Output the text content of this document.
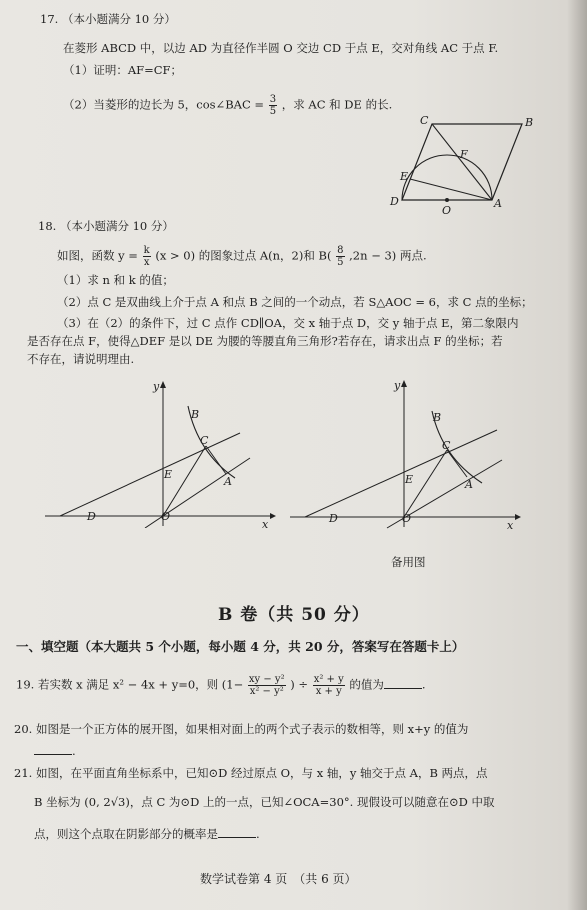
17. （本小题满分 10 分）
在菱形 ABCD 中，以边 AD 为直径作半圆 O 交边 CD 于点 E，交对角线 AC 于点 F.
（1）证明：AF=CF；
（2）当菱形的边长为 5，cos∠BAC = $\frac{3}{5}$ ，求 AC 和 DE 的长.
C	B
F
E
D
O
A
18. （本小题满分 10 分）
如图，函数 $y = \frac{k}{x} (x > 0)$ 的图象过点 A(n，2)和 $B( \frac{8}{5} ,2n - 3)$ 两点.
（1）求 n 和 k 的值；
（2）点 C 是双曲线上介于点 A 和点 B 之间的一个动点，若 S△AOC = 6，求 C 点的坐标；
（3）在（2）的条件下，过 C 点作 CD∥OA，交 x 轴于点 D，交 y 轴于点 E，第二象限内
是否存在点 F，使得△DEF 是以 DE 为腰的等腰直角三角形?若存在，请求出点 F 的坐标；若
不存在，请说明理由.
B
C
E
A
D	O
y
x
B
C
E	A
D	O
y
x
备用图
B 卷（共 50 分）
一、填空题（本大题共 5 个小题，每小题 4 分，共 20 分，答案写在答题卡上）
19. 若实数 x 满足 x² − 4x + y=0，则 ($1- \frac{\text{xy − y²}}{\text{x² − y²}}$ ) ÷ $\frac{\text{x² + y}}{x + y}$ 的值为	.
20. 如图是一个正方体的展开图，如果相对面上的两个式子表示的数相等，则 x+y 的值为
.
21. 如图，在平面直角坐标系中，已知⊙D 经过原点 O，与 x 轴，y 轴交于点 A，B 两点，点
B 坐标为 (0, 2√3)，点 C 为⊙D 上的一点，已知∠OCA=30°. 现假设可以随意在⊙D 中取
点，则这个点取在阴影部分的概率是	.
数学试卷第 4 页　（共 6 页）
